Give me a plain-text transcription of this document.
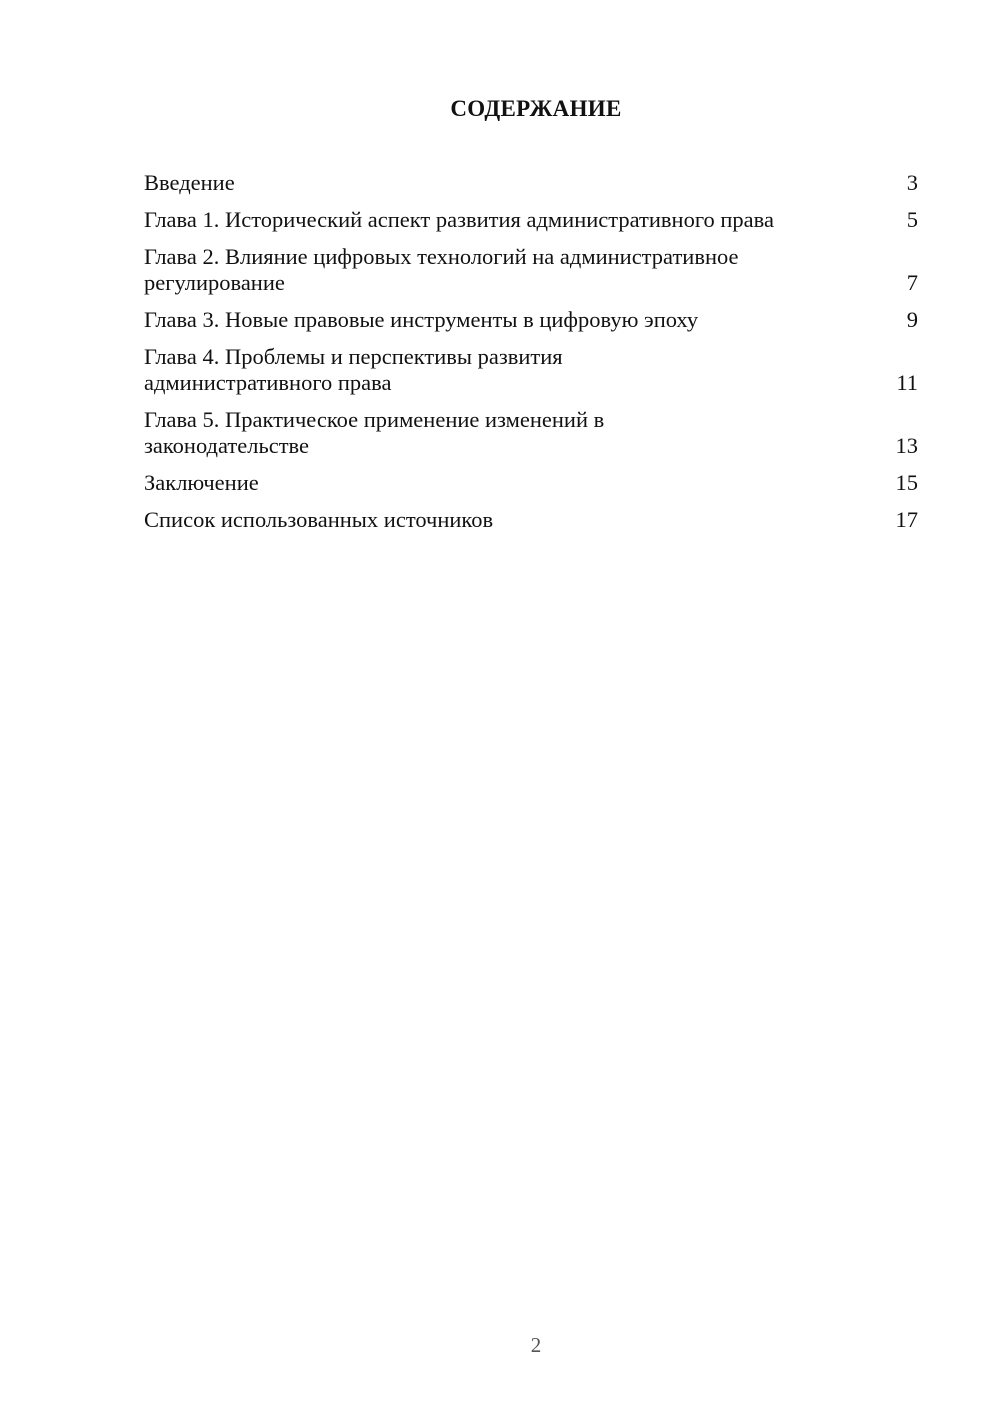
СОДЕРЖАНИЕ
Введение	3
Глава 1. Исторический аспект развития административного права	5
Глава 2. Влияние цифровых технологий на административное регулирование	7
Глава 3. Новые правовые инструменты в цифровую эпоху	9
Глава 4. Проблемы и перспективы развития административного права	11
Глава 5. Практическое применение изменений в законодательстве	13
Заключение	15
Список использованных источников	17
2
